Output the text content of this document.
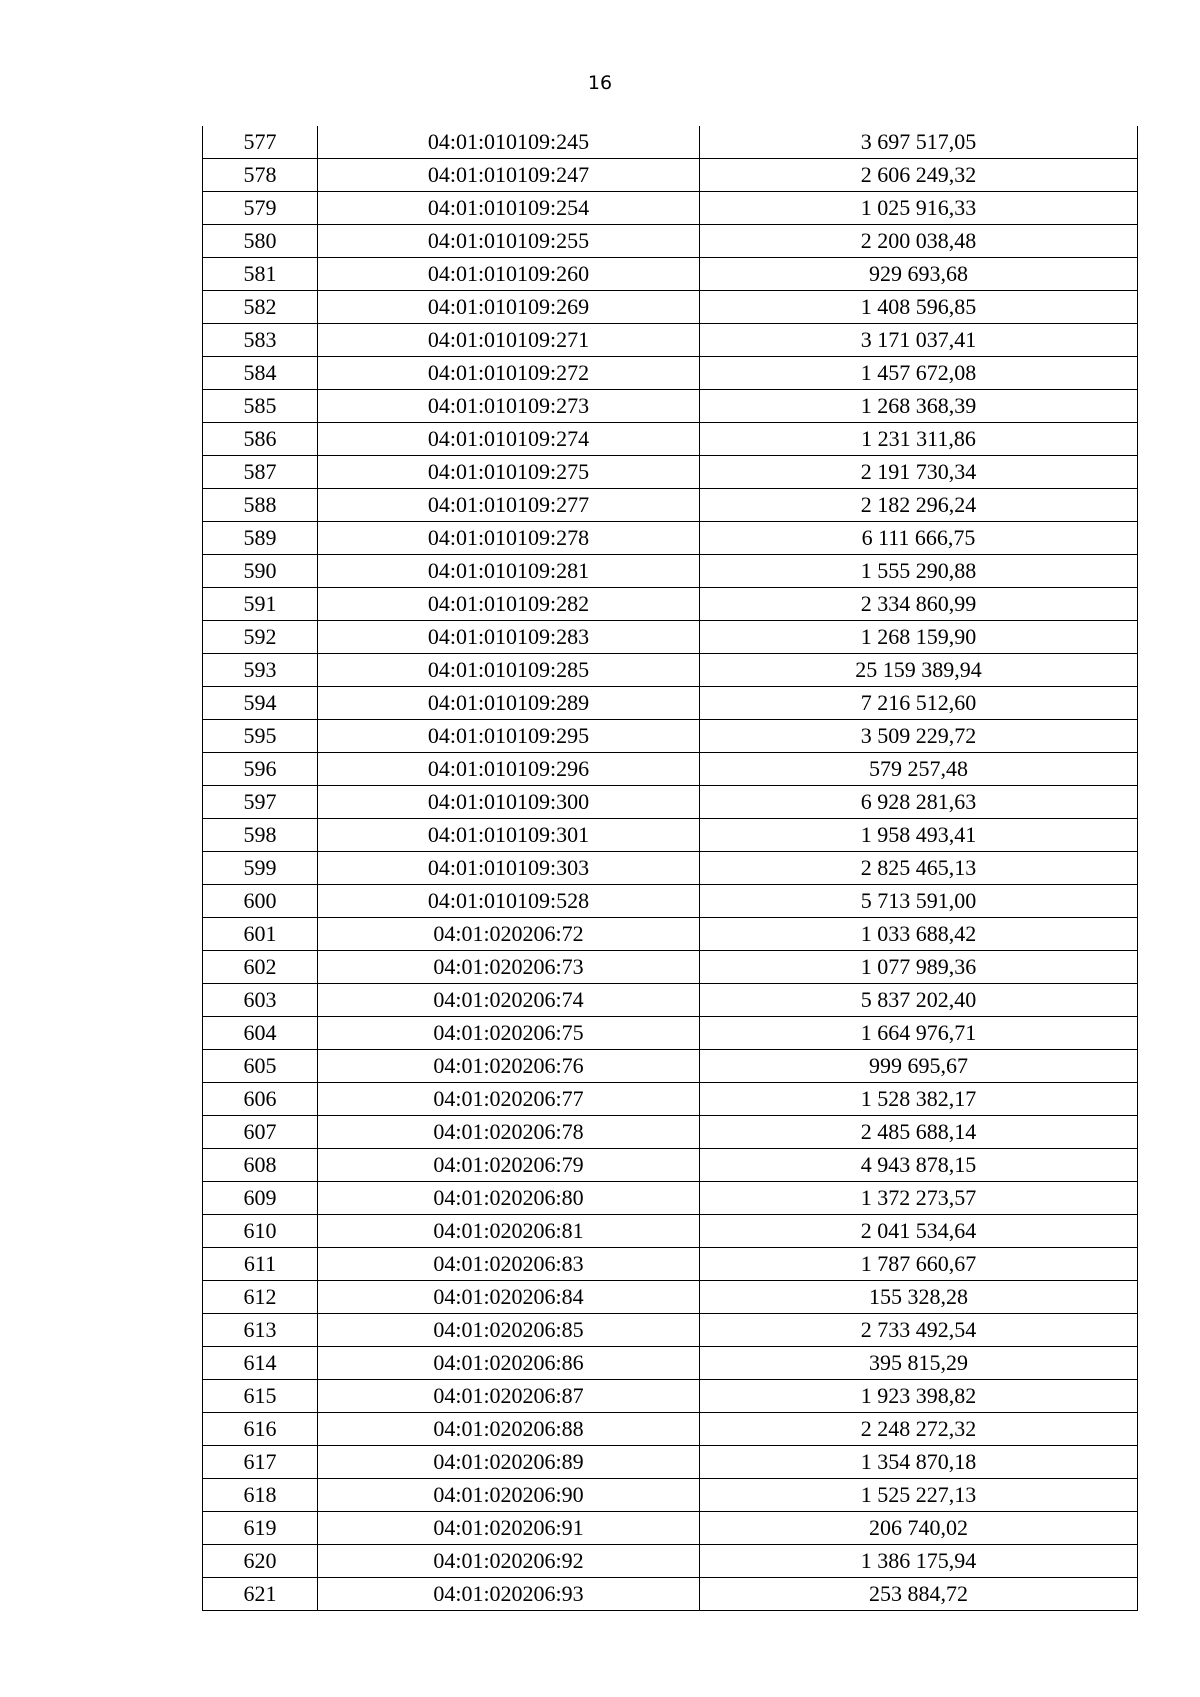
16
577	04:01:010109:245	3 697 517,05
578	04:01:010109:247	2 606 249,32
579	04:01:010109:254	1 025 916,33
580	04:01:010109:255	2 200 038,48
581	04:01:010109:260	929 693,68
582	04:01:010109:269	1 408 596,85
583	04:01:010109:271	3 171 037,41
584	04:01:010109:272	1 457 672,08
585	04:01:010109:273	1 268 368,39
586	04:01:010109:274	1 231 311,86
587	04:01:010109:275	2 191 730,34
588	04:01:010109:277	2 182 296,24
589	04:01:010109:278	6 111 666,75
590	04:01:010109:281	1 555 290,88
591	04:01:010109:282	2 334 860,99
592	04:01:010109:283	1 268 159,90
593	04:01:010109:285	25 159 389,94
594	04:01:010109:289	7 216 512,60
595	04:01:010109:295	3 509 229,72
596	04:01:010109:296	579 257,48
597	04:01:010109:300	6 928 281,63
598	04:01:010109:301	1 958 493,41
599	04:01:010109:303	2 825 465,13
600	04:01:010109:528	5 713 591,00
601	04:01:020206:72	1 033 688,42
602	04:01:020206:73	1 077 989,36
603	04:01:020206:74	5 837 202,40
604	04:01:020206:75	1 664 976,71
605	04:01:020206:76	999 695,67
606	04:01:020206:77	1 528 382,17
607	04:01:020206:78	2 485 688,14
608	04:01:020206:79	4 943 878,15
609	04:01:020206:80	1 372 273,57
610	04:01:020206:81	2 041 534,64
611	04:01:020206:83	1 787 660,67
612	04:01:020206:84	155 328,28
613	04:01:020206:85	2 733 492,54
614	04:01:020206:86	395 815,29
615	04:01:020206:87	1 923 398,82
616	04:01:020206:88	2 248 272,32
617	04:01:020206:89	1 354 870,18
618	04:01:020206:90	1 525 227,13
619	04:01:020206:91	206 740,02
620	04:01:020206:92	1 386 175,94
621	04:01:020206:93	253 884,72
